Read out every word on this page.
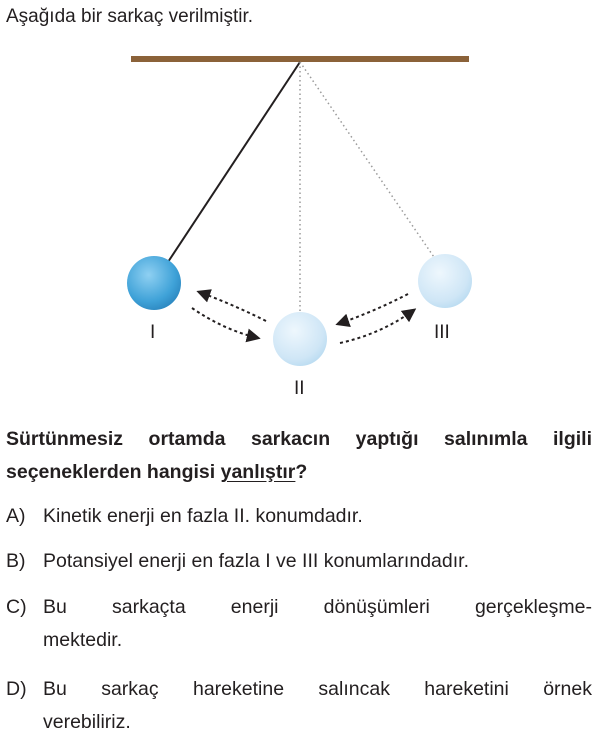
Aşağıda bir sarkaç verilmiştir.
I
II
III
Sürtünmesiz ortamda sarkacın yaptığı salınımla ilgili seçeneklerden hangisi yanlıştır?
A) Kinetik enerji en fazla II. konumdadır.
B) Potansiyel enerji en fazla I ve III konumlarındadır.
C) Bu sarkaçta enerji dönüşümleri gerçekleşme-
mektedir.
D) Bu sarkaç hareketine salıncak hareketini örnek
verebiliriz.
